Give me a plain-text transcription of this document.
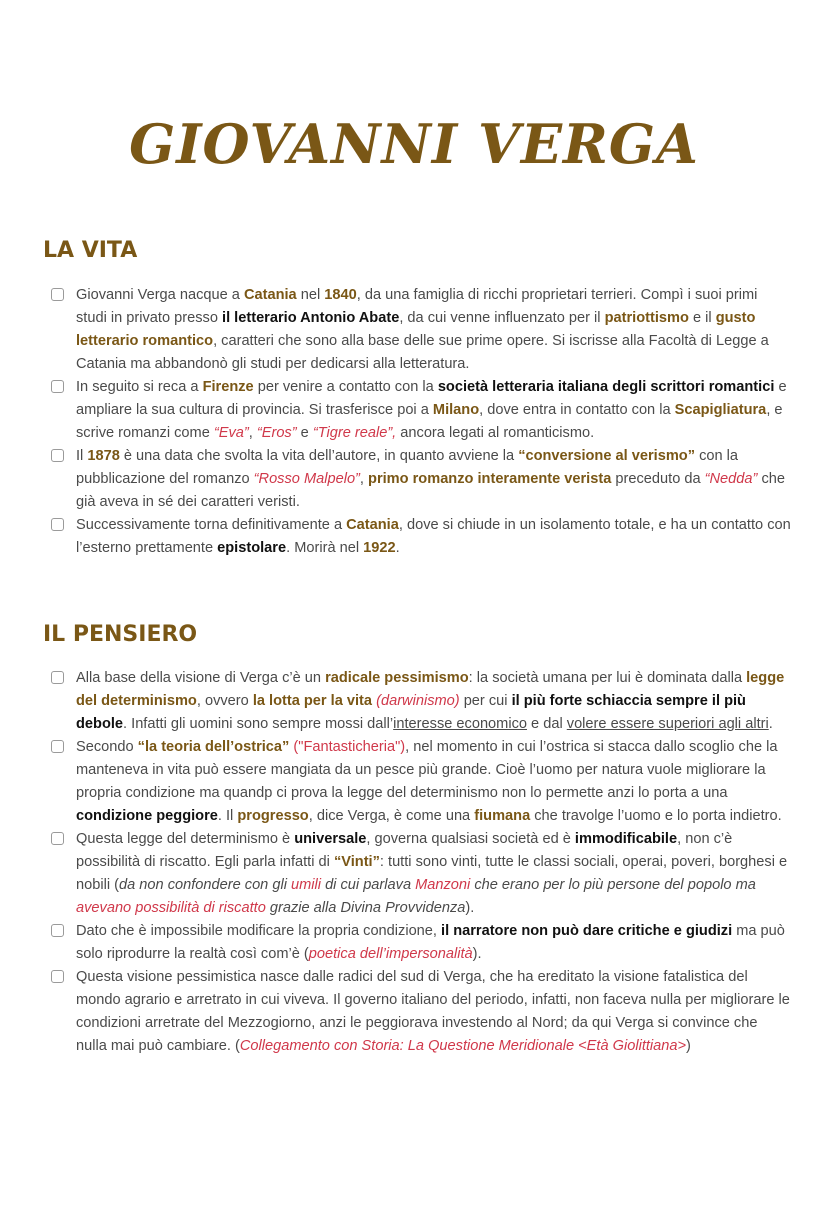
GIOVANNI VERGA
LA VITA
Giovanni Verga nacque a Catania nel 1840, da una famiglia di ricchi proprietari terrieri. Compì i suoi primi studi in privato presso il letterario Antonio Abate, da cui venne influenzato per il patriottismo e il gusto letterario romantico, caratteri che sono alla base delle sue prime opere. Si iscrisse alla Facoltà di Legge a Catania ma abbandonò gli studi per dedicarsi alla letteratura.
In seguito si reca a Firenze per venire a contatto con la società letteraria italiana degli scrittori romantici e ampliare la sua cultura di provincia. Si trasferisce poi a Milano, dove entra in contatto con la Scapigliatura, e scrive romanzi come “Eva”, “Eros” e “Tigre reale”, ancora legati al romanticismo.
Il 1878 è una data che svolta la vita dell’autore, in quanto avviene la “conversione al verismo” con la pubblicazione del romanzo “Rosso Malpelo”, primo romanzo interamente verista preceduto da “Nedda” che già aveva in sé dei caratteri veristi.
Successivamente torna definitivamente a Catania, dove si chiude in un isolamento totale, e ha un contatto con l’esterno prettamente epistolare. Morirà nel 1922.
IL PENSIERO
Alla base della visione di Verga c’è un radicale pessimismo: la società umana per lui è dominata dalla legge del determinismo, ovvero la lotta per la vita (darwinismo) per cui il più forte schiaccia sempre il più debole. Infatti gli uomini sono sempre mossi dall’interesse economico e dal volere essere superiori agli altri.
Secondo “la teoria dell’ostrica” ("Fantasticheria"), nel momento in cui l’ostrica si stacca dallo scoglio che la manteneva in vita può essere mangiata da un pesce più grande. Cioè l’uomo per natura vuole migliorare la propria condizione ma quandp ci prova la legge del determinismo non lo permette anzi lo porta a una condizione peggiore. Il progresso, dice Verga, è come una fiumana che travolge l’uomo e lo porta indietro.
Questa legge del determinismo è universale, governa qualsiasi società ed è immodificabile, non c’è possibilità di riscatto. Egli parla infatti di “Vinti”: tutti sono vinti, tutte le classi sociali, operai, poveri, borghesi e nobili (da non confondere con gli umili di cui parlava Manzoni che erano per lo più persone del popolo ma avevano possibilità di riscatto grazie alla Divina Provvidenza).
Dato che è impossibile modificare la propria condizione, il narratore non può dare critiche e giudizi ma può solo riprodurre la realtà così com’è (poetica dell’impersonalità).
Questa visione pessimistica nasce dalle radici del sud di Verga, che ha ereditato la visione fatalistica del mondo agrario e arretrato in cui viveva. Il governo italiano del periodo, infatti, non faceva nulla per migliorare le condizioni arretrate del Mezzogiorno, anzi le peggiorava investendo al Nord; da qui Verga si convince che nulla mai può cambiare. (Collegamento con Storia: La Questione Meridionale <Età Giolittiana>)
